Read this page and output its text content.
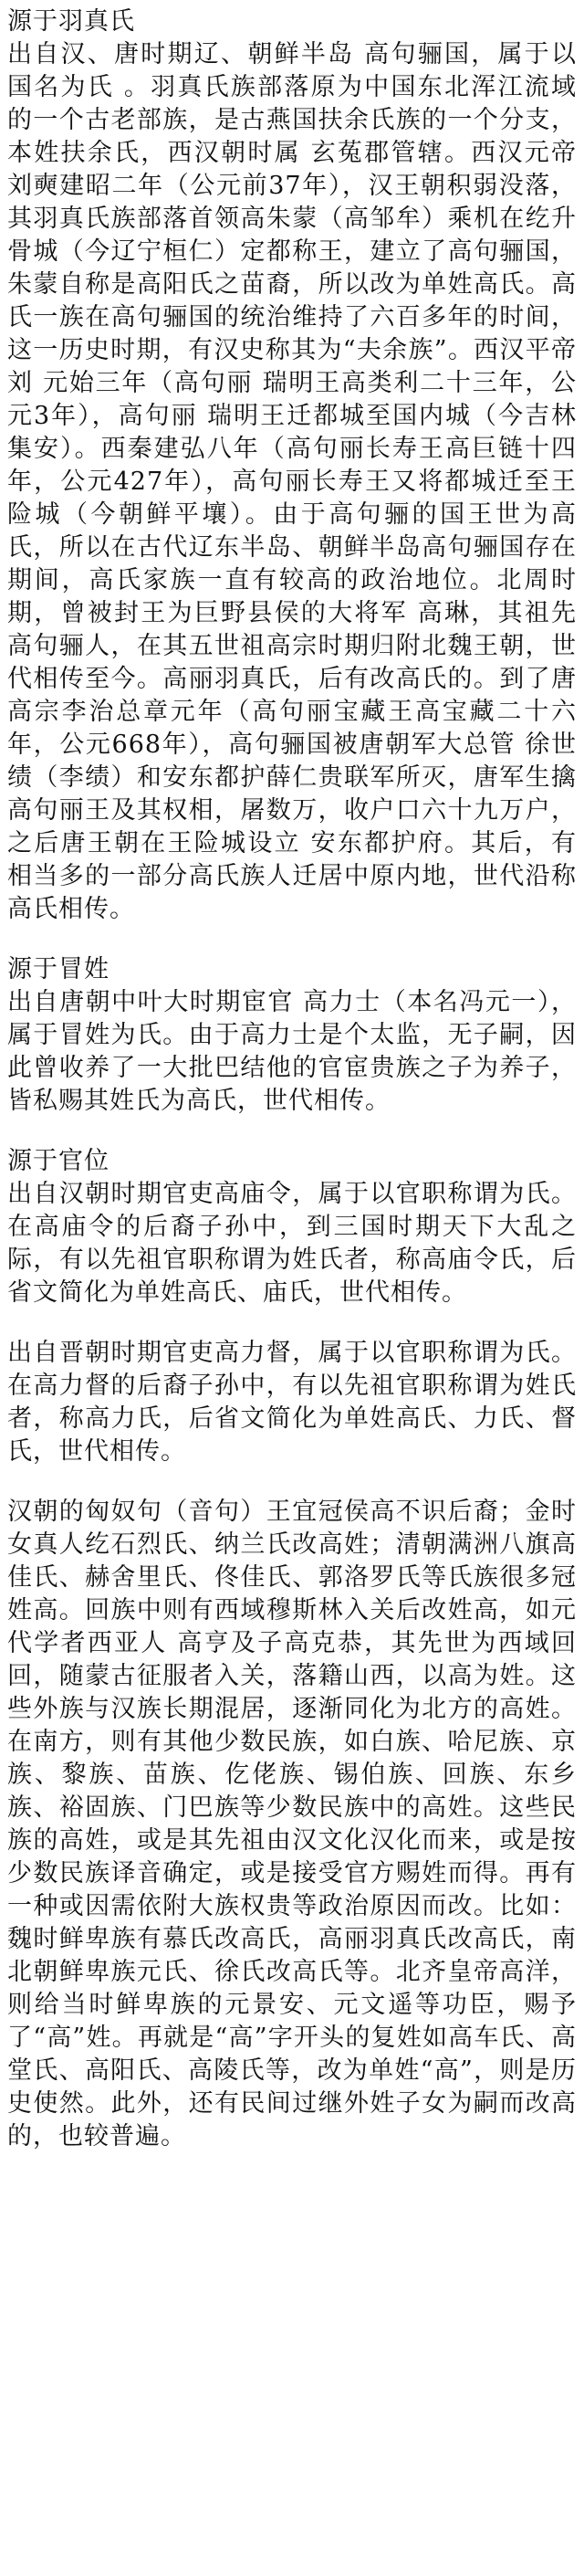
源于羽真氏

出自汉、唐时期辽、朝鲜半岛 高句骊国，属于以国名为氏 。羽真氏族部落原为中国东北浑江流域的一个古老部族，是古燕国扶余氏族的一个分支，本姓扶余氏，西汉朝时属 玄菟郡管辖。西汉元帝刘奭建昭二年（公元前37年），汉王朝积弱没落，其羽真氏族部落首领高朱蒙（高邹牟）乘机在纥升骨城（今辽宁桓仁）定都称王，建立了高句骊国，朱蒙自称是高阳氏之苗裔，所以改为单姓高氏。高氏一族在高句骊国的统治维持了六百多年的时间，这一历史时期，有汉史称其为“夫余族”。西汉平帝刘 元始三年（高句丽 瑞明王高类利二十三年，公元3年），高句丽 瑞明王迁都城至国内城（今吉林集安）。西秦建弘八年（高句丽长寿王高巨链十四年，公元427年），高句丽长寿王又将都城迁至王险城（今朝鲜平壤）。由于高句骊的国王世为高氏，所以在古代辽东半岛、朝鲜半岛高句骊国存在期间，高氏家族一直有较高的政治地位。北周时期，曾被封王为巨野县侯的大将军 高琳，其祖先高句骊人，在其五世祖高宗时期归附北魏王朝，世代相传至今。高丽羽真氏，后有改高氏的。到了唐高宗李治总章元年（高句丽宝藏王高宝藏二十六年，公元668年），高句骊国被唐朝军大总管 徐世绩（李绩）和安东都护薛仁贵联军所灭，唐军生擒高句丽王及其权相，屠数万，收户口六十九万户，之后唐王朝在王险城设立 安东都护府。其后，有相当多的一部分高氏族人迁居中原内地，世代沿称高氏相传。

源于冒姓

出自唐朝中叶大时期宦官 高力士（本名冯元一），属于冒姓为氏。由于高力士是个太监，无子嗣，因此曾收养了一大批巴结他的官宦贵族之子为养子，皆私赐其姓氏为高氏，世代相传。

源于官位

出自汉朝时期官吏高庙令，属于以官职称谓为氏。在高庙令的后裔子孙中，到三国时期天下大乱之际，有以先祖官职称谓为姓氏者，称高庙令氏，后省文简化为单姓高氏、庙氏，世代相传。

出自晋朝时期官吏高力督，属于以官职称谓为氏。在高力督的后裔子孙中，有以先祖官职称谓为姓氏者，称高力氏，后省文简化为单姓高氏、力氏、督氏，世代相传。

汉朝的匈奴句（音句）王宜冠侯高不识后裔；金时女真人纥石烈氏、纳兰氏改高姓；清朝满洲八旗高佳氏、赫舍里氏、佟佳氏、郭洛罗氏等氏族很多冠姓高。回族中则有西域穆斯林入关后改姓高，如元代学者西亚人 高亨及子高克恭，其先世为西域回回，随蒙古征服者入关，落籍山西，以高为姓。这些外族与汉族长期混居，逐渐同化为北方的高姓。在南方，则有其他少数民族，如白族、哈尼族、京族、黎族、苗族、仡佬族、锡伯族、回族、东乡族、裕固族、门巴族等少数民族中的高姓。这些民族的高姓，或是其先祖由汉文化汉化而来，或是按少数民族译音确定，或是接受官方赐姓而得。再有一种或因需依附大族权贵等政治原因而改。比如：魏时鲜卑族有慕氏改高氏，高丽羽真氏改高氏，南北朝鲜卑族元氏、徐氏改高氏等。北齐皇帝高洋，则给当时鲜卑族的元景安、元文遥等功臣，赐予了“高”姓。再就是“高”字开头的复姓如高车氏、高堂氏、高阳氏、高陵氏等，改为单姓“高”，则是历史使然。此外，还有民间过继外姓子女为嗣而改高的，也较普遍。
